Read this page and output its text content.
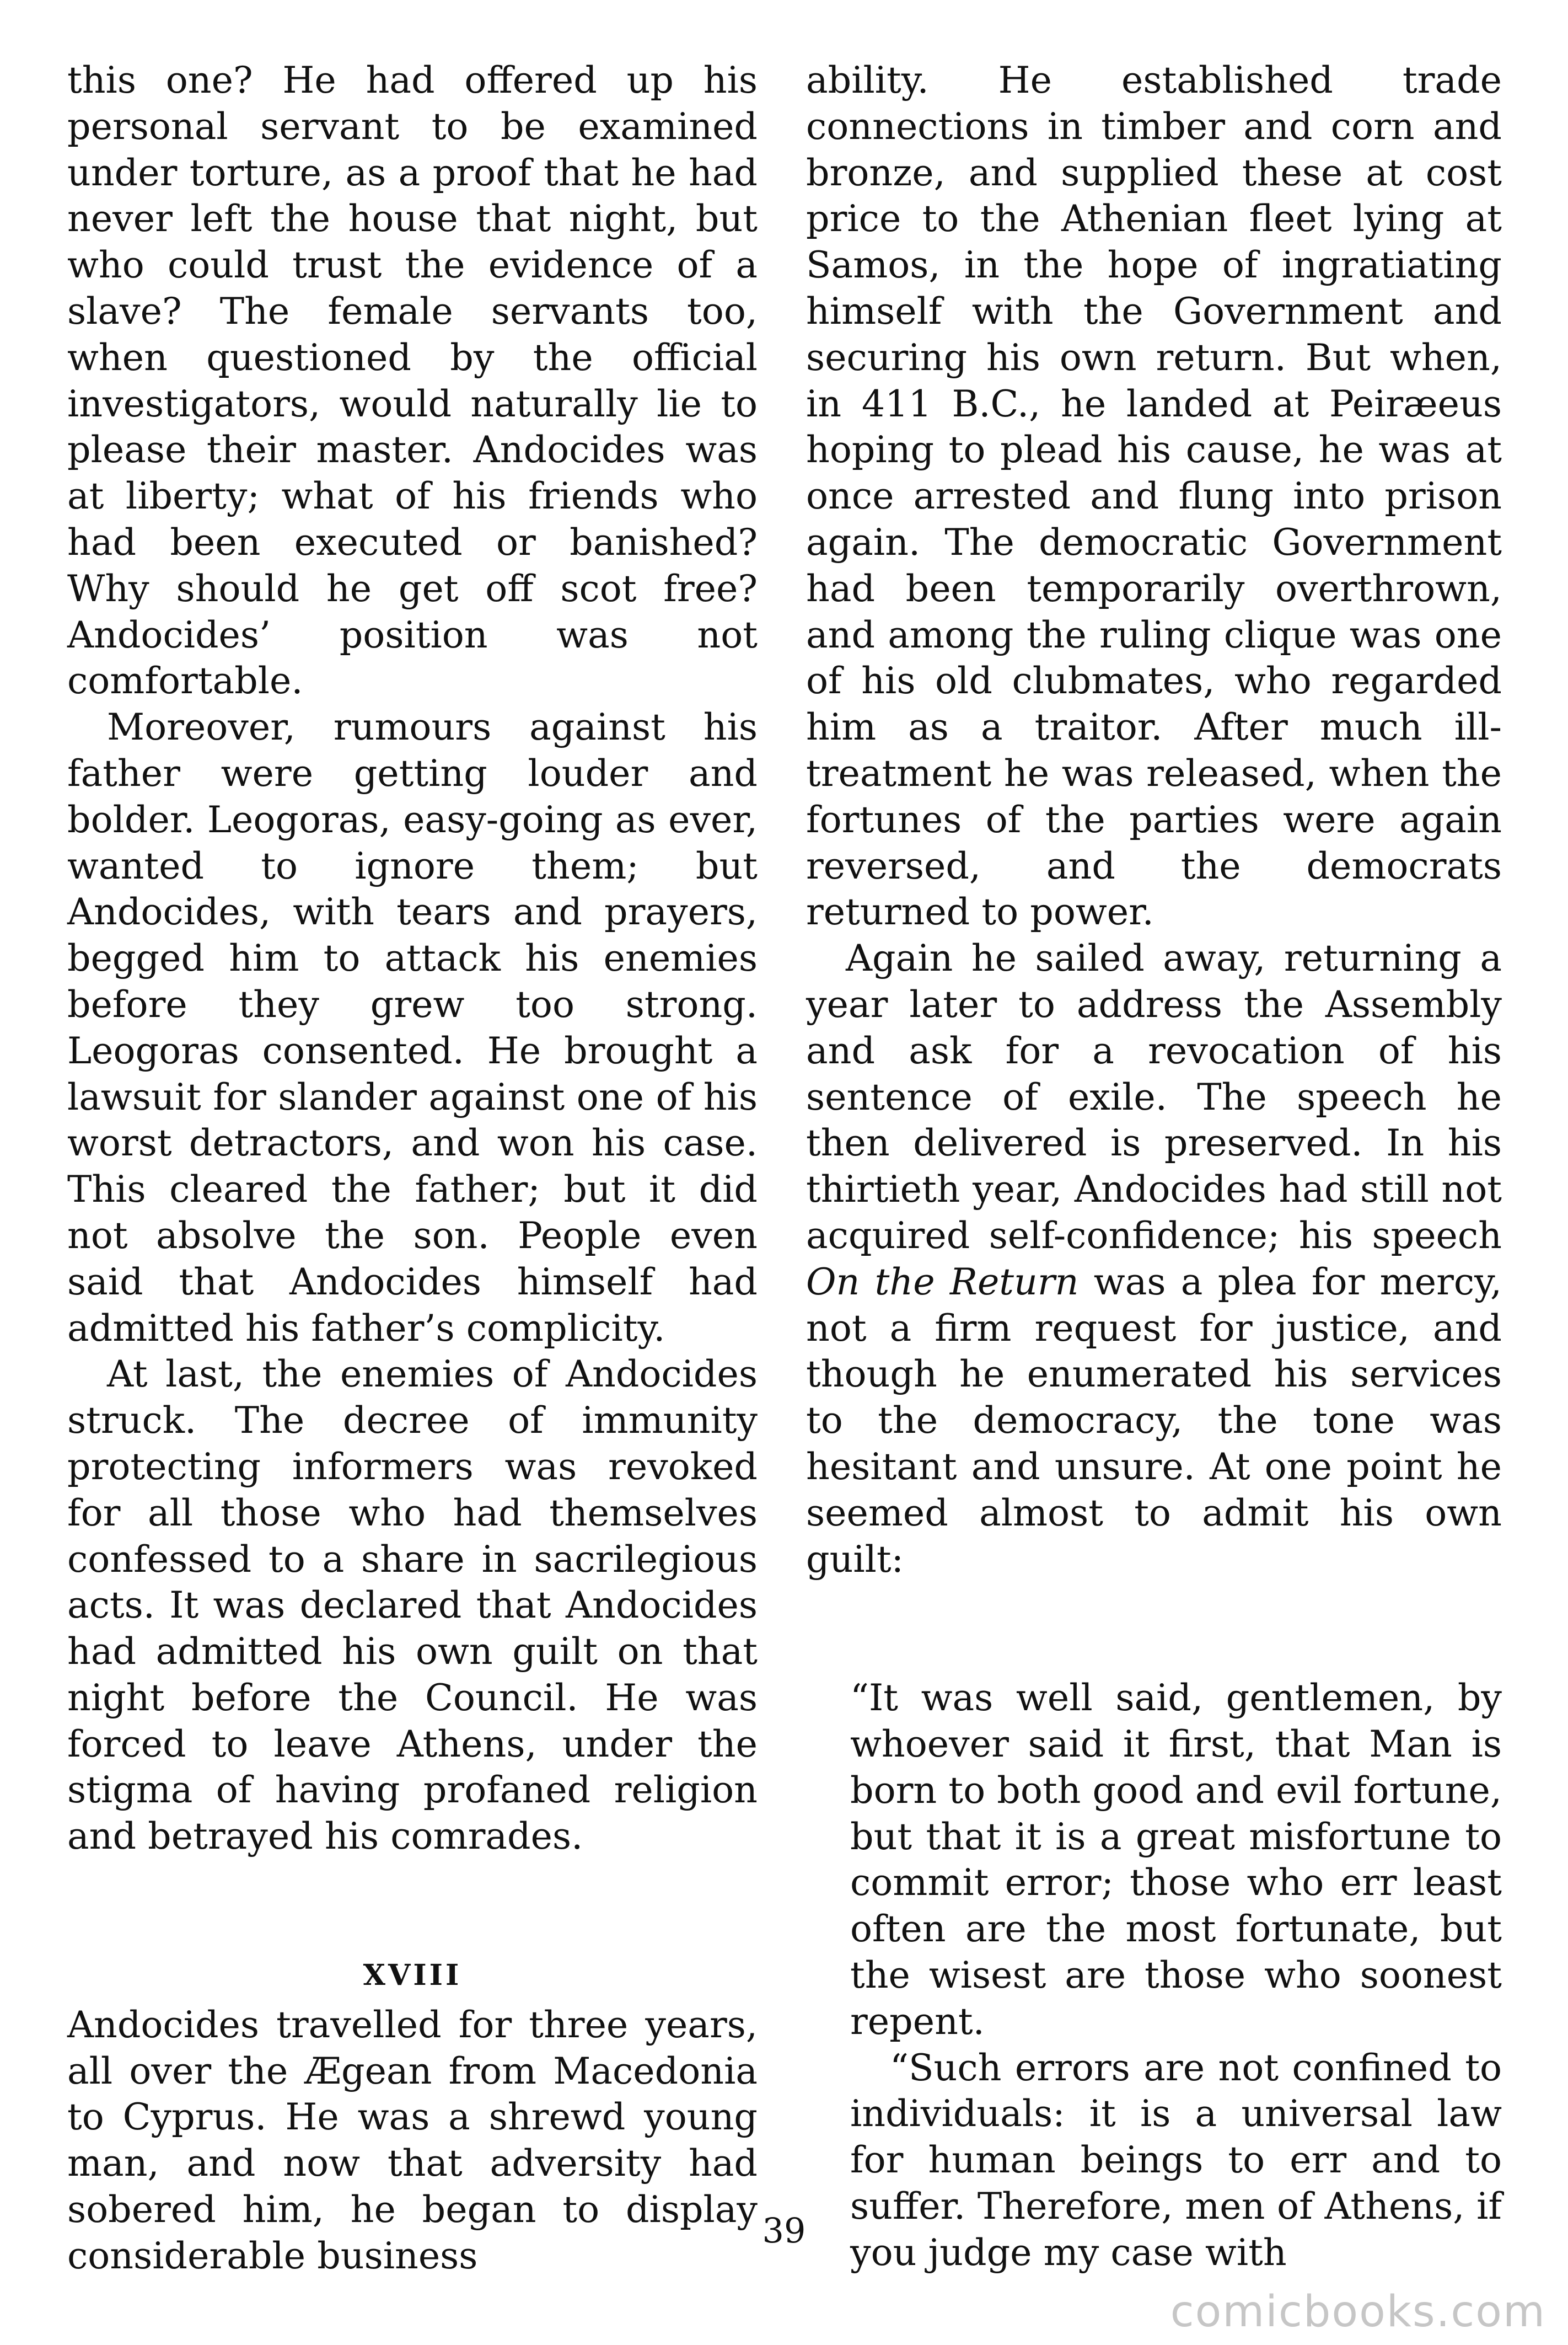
this one? He had offered up his personal servant to be examined under torture, as a proof that he had never left the house that night, but who could trust the evidence of a slave? The female servants too, when questioned by the official investigators, would naturally lie to please their master. Andocides was at liberty; what of his friends who had been executed or banished? Why should he get off scot free? Andocides’ position was not comfortable.

Moreover, rumours against his father were getting louder and bolder. Leogoras, easy-going as ever, wanted to ignore them; but Andocides, with tears and prayers, begged him to attack his enemies before they grew too strong. Leogoras consented. He brought a lawsuit for slander against one of his worst detractors, and won his case. This cleared the father; but it did not absolve the son. People even said that Andocides himself had admitted his father’s complicity.

At last, the enemies of Andocides struck. The decree of immunity protecting informers was revoked for all those who had themselves confessed to a share in sacrilegious acts. It was declared that Andocides had admitted his own guilt on that night before the Council. He was forced to leave Athens, under the stigma of having profaned religion and betrayed his comrades.

XVIII

Andocides travelled for three years, all over the Ægean from Macedonia to Cyprus. He was a shrewd young man, and now that adversity had sobered him, he began to display considerable business

ability. He established trade connections in timber and corn and bronze, and supplied these at cost price to the Athenian fleet lying at Samos, in the hope of ingratiating himself with the Government and securing his own return. But when, in 411 B.C., he landed at Peiræeus hoping to plead his cause, he was at once arrested and flung into prison again. The democratic Government had been temporarily overthrown, and among the ruling clique was one of his old clubmates, who regarded him as a traitor. After much ill-treatment he was released, when the fortunes of the parties were again reversed, and the democrats returned to power.

Again he sailed away, returning a year later to address the Assembly and ask for a revocation of his sentence of exile. The speech he then delivered is preserved. In his thirtieth year, Andocides had still not acquired self-confidence; his speech On the Return was a plea for mercy, not a firm request for justice, and though he enumerated his services to the democracy, the tone was hesitant and unsure. At one point he seemed almost to admit his own guilt:

“It was well said, gentlemen, by whoever said it first, that Man is born to both good and evil fortune, but that it is a great misfortune to commit error; those who err least often are the most fortunate, but the wisest are those who soonest repent.

“Such errors are not confined to individuals: it is a universal law for human beings to err and to suffer. Therefore, men of Athens, if you judge my case with

39
comicbooks.com
